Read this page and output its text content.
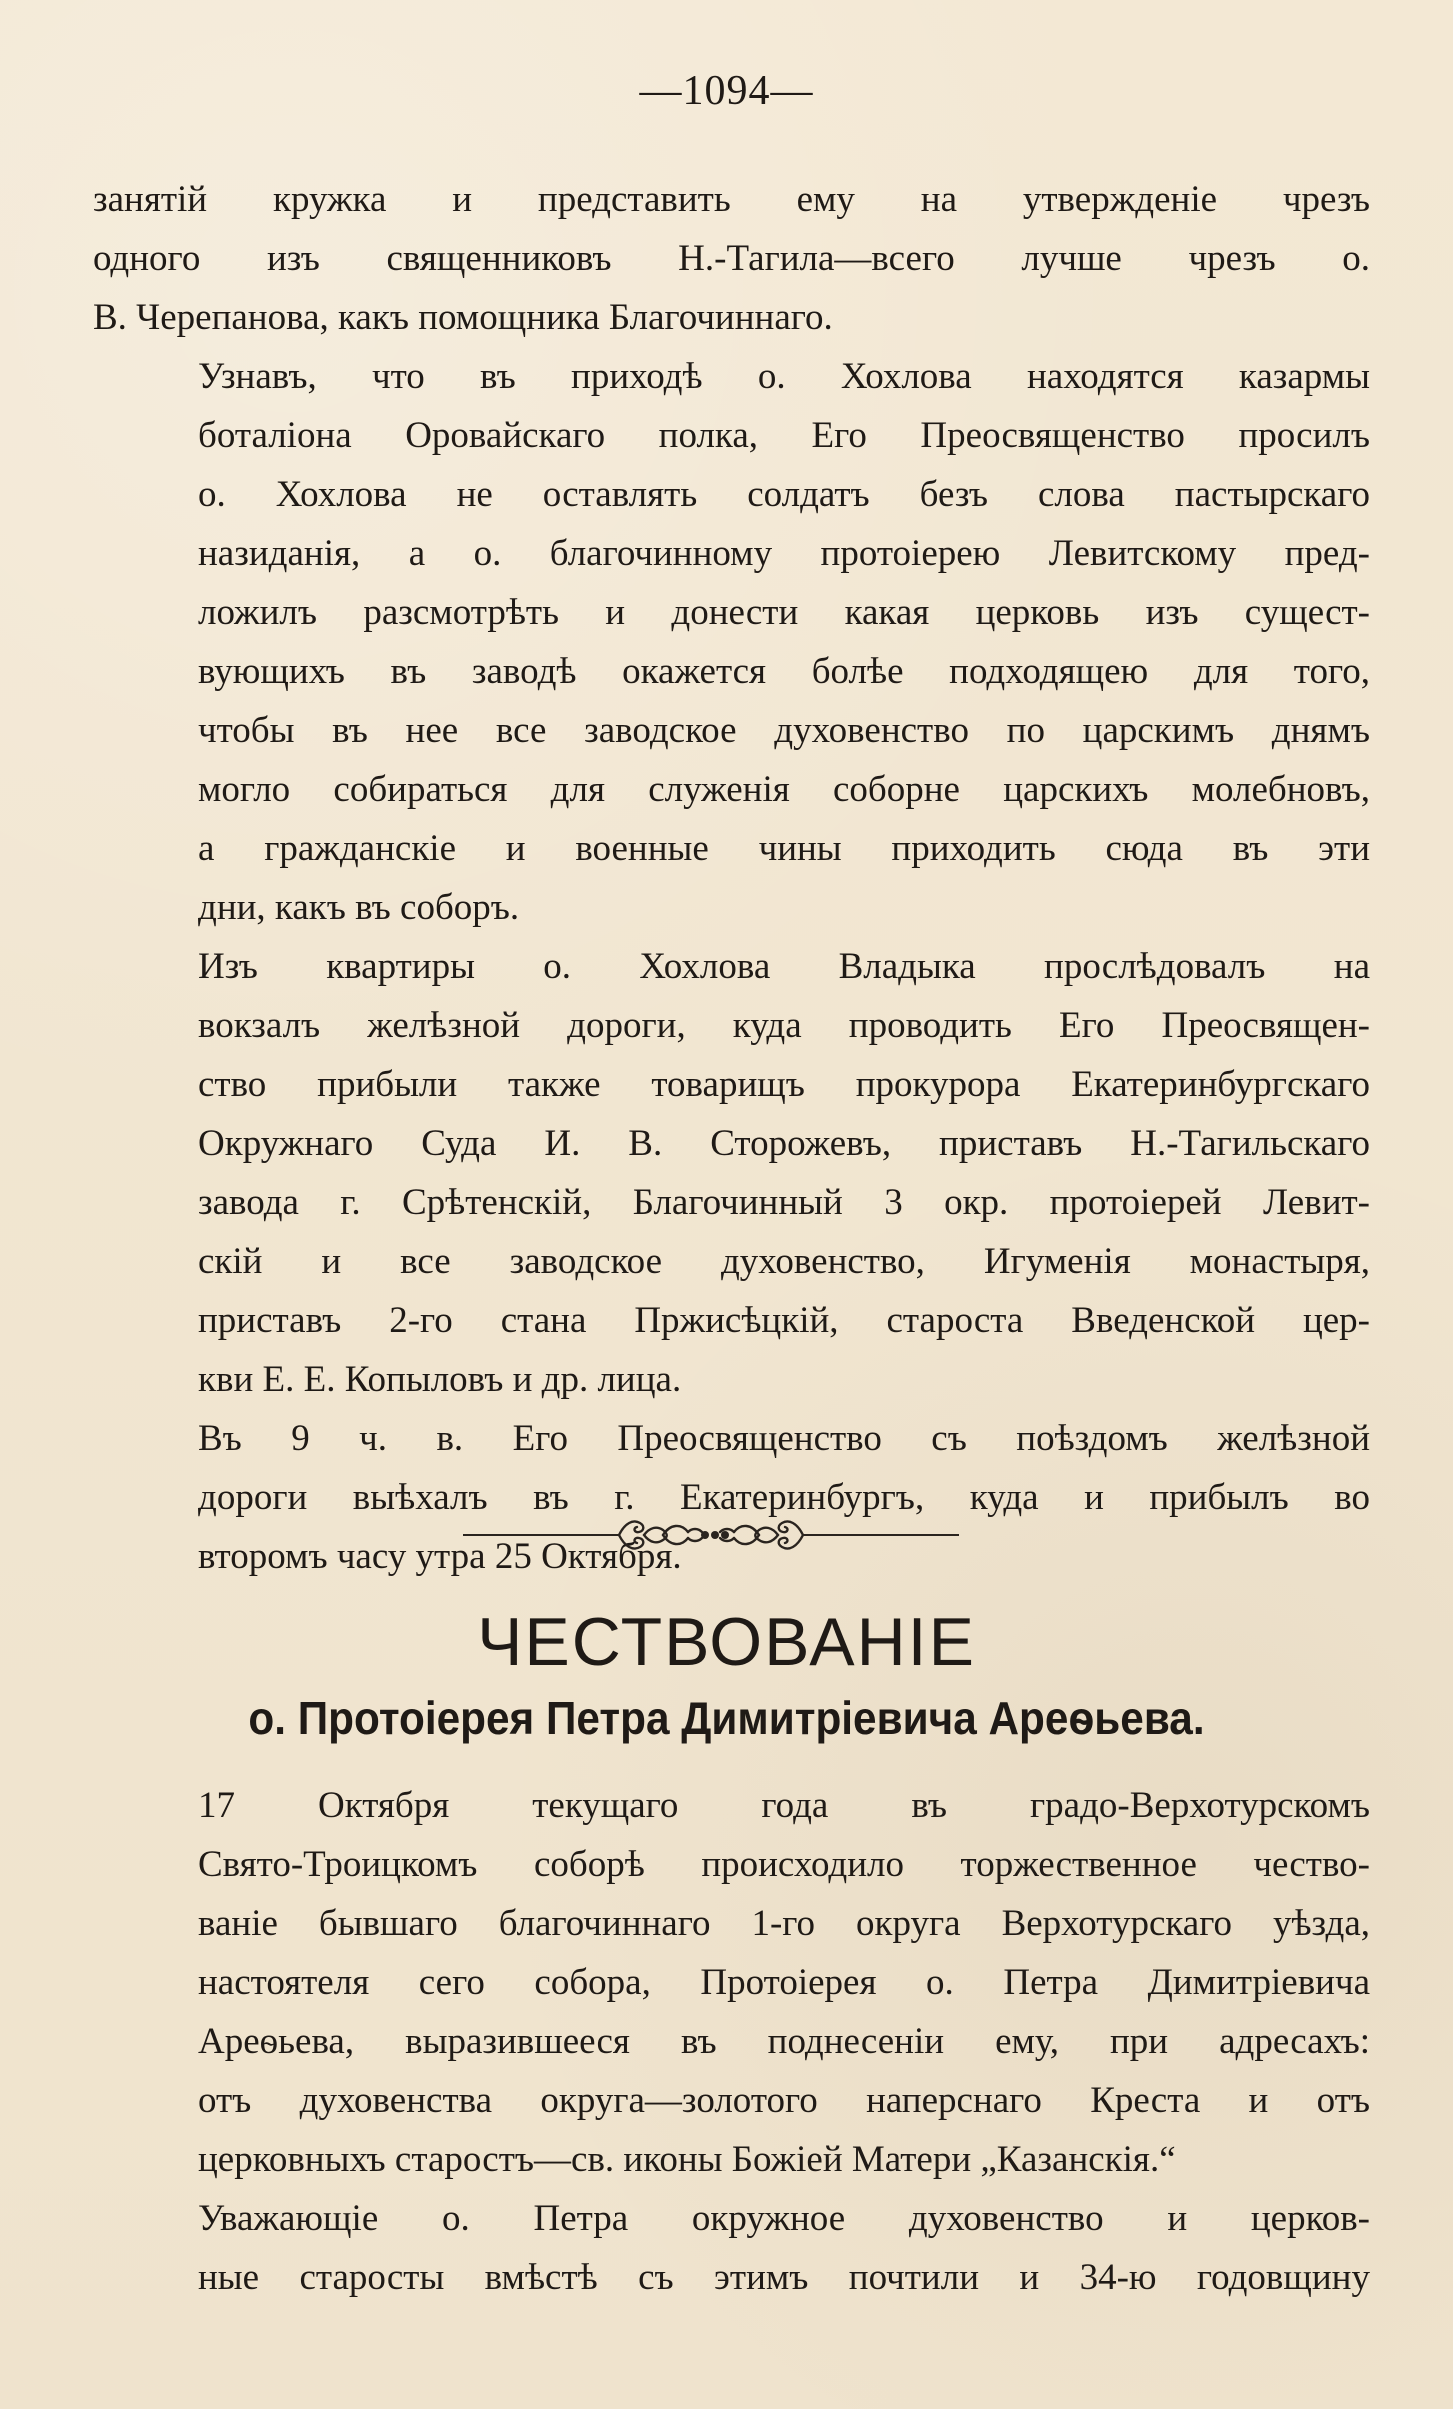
—1094—

занятій кружка и представить ему на утвержденіе чрезъ
одного изъ священниковъ Н.-Тагила—всего лучше чрезъ о.
В. Черепанова, какъ помощника Благочиннаго.

Узнавъ, что въ приходѣ о. Хохлова находятся казармы
боталіона Оровайскаго полка, Его Преосвященство просилъ
о. Хохлова не оставлять солдатъ безъ слова пастырскаго
назиданія, а о. благочинному протоіерею Левитскому пред-
ложилъ разсмотрѣть и донести какая церковь изъ сущест-
вующихъ въ заводѣ окажется болѣе подходящею для того,
чтобы въ нее все заводское духовенство по царскимъ днямъ
могло собираться для служенія соборне царскихъ молебновъ,
а гражданскіе и военные чины приходить сюда въ эти
дни, какъ въ соборъ.

Изъ квартиры о. Хохлова Владыка прослѣдовалъ на
вокзалъ желѣзной дороги, куда проводить Его Преосвящен-
ство прибыли также товарищъ прокурора Екатеринбургскаго
Окружнаго Суда И. В. Сторожевъ, приставъ Н.-Тагильскаго
завода г. Срѣтенскій, Благочинный 3 окр. протоіерей Левит-
скій и все заводское духовенство, Игуменія монастыря,
приставъ 2-го стана Пржисѣцкій, староста Введенской цер-
кви Е. Е. Копыловъ и др. лица.

Въ 9 ч. в. Его Преосвященство съ поѣздомъ желѣзной
дороги выѣхалъ въ г. Екатеринбургъ, куда и прибылъ во
второмъ часу утра 25 Октября.

ЧЕСТВОВАНІЕ
о. Протоіерея Петра Димитріевича Ареѳьева.

17 Октября текущаго года въ градо-Верхотурскомъ
Свято-Троицкомъ соборѣ происходило торжественное чество-
ваніе бывшаго благочиннаго 1-го округа Верхотурскаго уѣзда,
настоятеля сего собора, Протоіерея о. Петра Димитріевича
Ареѳьева, выразившееся въ поднесеніи ему, при адресахъ:
отъ духовенства округа—золотого наперснаго Креста и отъ
церковныхъ старостъ—св. иконы Божіей Матери „Казанскія.“

Уважающіе о. Петра окружное духовенство и церков-
ные старосты вмѣстѣ съ этимъ почтили и 34-ю годовщину
